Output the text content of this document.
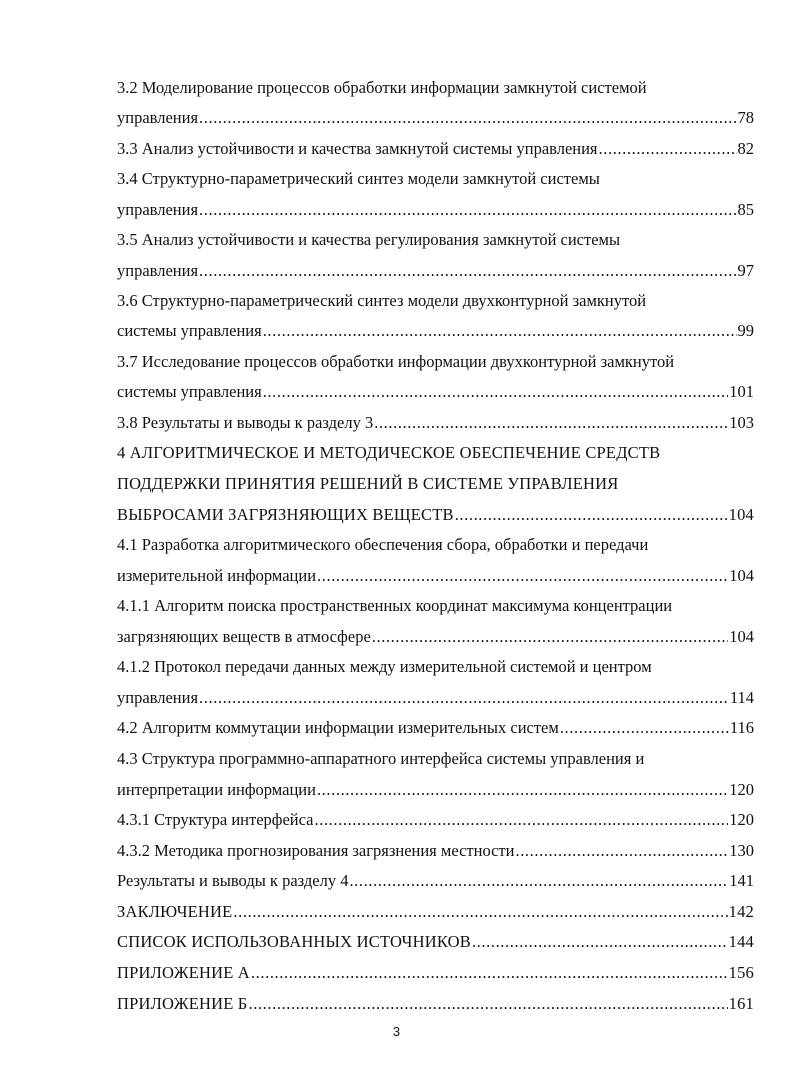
3.2 Моделирование процессов обработки информации замкнутой системой
управления .....	78
3.3 Анализ устойчивости и качества замкнутой системы управления .....	82
3.4 Структурно-параметрический синтез модели замкнутой системы
управления .....	85
3.5 Анализ устойчивости и качества регулирования замкнутой системы
управления .....	97
3.6 Структурно-параметрический синтез модели двухконтурной замкнутой
системы управления .....	99
3.7 Исследование процессов обработки информации двухконтурной замкнутой
системы управления .....	101
3.8 Результаты и выводы к разделу 3 .....	103
4 АЛГОРИТМИЧЕСКОЕ И МЕТОДИЧЕСКОЕ ОБЕСПЕЧЕНИЕ СРЕДСТВ
ПОДДЕРЖКИ ПРИНЯТИЯ РЕШЕНИЙ В СИСТЕМЕ УПРАВЛЕНИЯ
ВЫБРОСАМИ ЗАГРЯЗНЯЮЩИХ ВЕЩЕСТВ .....	104
4.1 Разработка алгоритмического обеспечения сбора, обработки и передачи
измерительной информации .....	104
4.1.1 Алгоритм поиска пространственных координат максимума концентрации
загрязняющих веществ в атмосфере .....	104
4.1.2 Протокол передачи данных между измерительной системой и центром
управления .....	114
4.2 Алгоритм коммутации информации измерительных систем .....	116
4.3 Структура программно-аппаратного интерфейса системы управления и
интерпретации информации .....	120
4.3.1 Структура интерфейса .....	120
4.3.2 Методика прогнозирования загрязнения местности .....	130
Результаты и выводы к разделу 4 .....	141
ЗАКЛЮЧЕНИЕ .....	142
СПИСОК ИСПОЛЬЗОВАННЫХ ИСТОЧНИКОВ .....	144
ПРИЛОЖЕНИЕ А .....	156
ПРИЛОЖЕНИЕ Б .....	161
3
